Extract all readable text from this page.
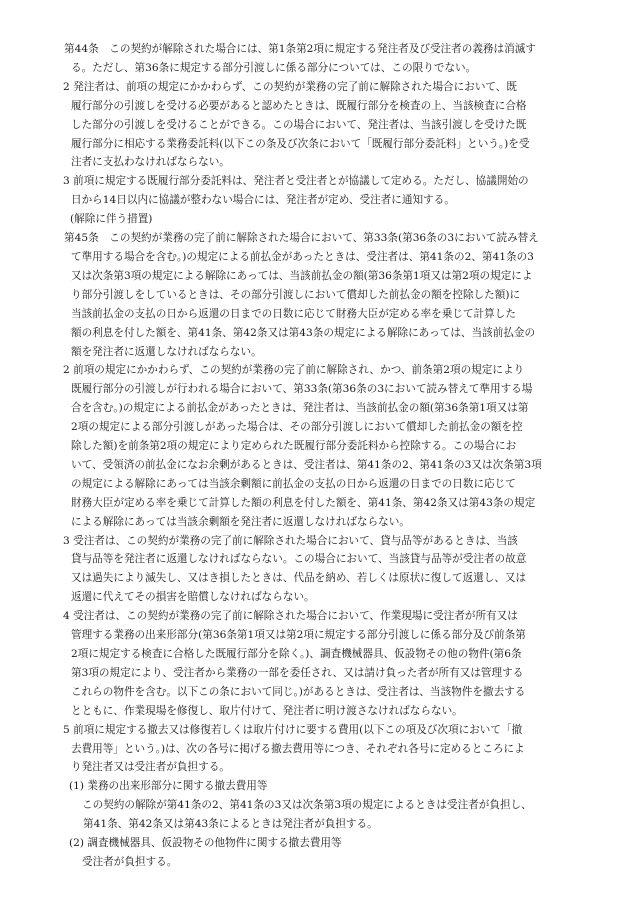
第44条　この契約が解除された場合には、第1条第2項に規定する発注者及び受注者の義務は消滅す
る。ただし、第36条に規定する部分引渡しに係る部分については、この限りでない。
2 発注者は、前項の規定にかかわらず、この契約が業務の完了前に解除された場合において、既
履行部分の引渡しを受ける必要があると認めたときは、既履行部分を検査の上、当該検査に合格
した部分の引渡しを受けることができる。この場合において、発注者は、当該引渡しを受けた既
履行部分に相応する業務委託料(以下この条及び次条において「既履行部分委託料」という。)を受
注者に支払わなければならない。
3 前項に規定する既履行部分委託料は、発注者と受注者とが協議して定める。ただし、協議開始の
日から14日以内に協議が整わない場合には、発注者が定め、受注者に通知する。
(解除に伴う措置)
第45条　この契約が業務の完了前に解除された場合において、第33条(第36条の3において読み替え
て準用する場合を含む。)の規定による前払金があったときは、受注者は、第41条の2、第41条の3
又は次条第3項の規定による解除にあっては、当該前払金の額(第36条第1項又は第2項の規定によ
り部分引渡しをしているときは、その部分引渡しにおいて償却した前払金の額を控除した額)に
当該前払金の支払の日から返還の日までの日数に応じて財務大臣が定める率を乗じて計算した
額の利息を付した額を、第41条、第42条又は第43条の規定による解除にあっては、当該前払金の
額を発注者に返還しなければならない。
2 前項の規定にかかわらず、この契約が業務の完了前に解除され、かつ、前条第2項の規定により
既履行部分の引渡しが行われる場合において、第33条(第36条の3において読み替えて準用する場
合を含む。)の規定による前払金があったときは、発注者は、当該前払金の額(第36条第1項又は第
2項の規定による部分引渡しがあった場合は、その部分引渡しにおいて償却した前払金の額を控
除した額)を前条第2項の規定により定められた既履行部分委託料から控除する。この場合にお
いて、受領済の前払金になお余剰があるときは、受注者は、第41条の2、第41条の3又は次条第3項
の規定による解除にあっては当該余剰額に前払金の支払の日から返還の日までの日数に応じて
財務大臣が定める率を乗じて計算した額の利息を付した額を、第41条、第42条又は第43条の規定
による解除にあっては当該余剰額を発注者に返還しなければならない。
3 受注者は、この契約が業務の完了前に解除された場合において、貸与品等があるときは、当該
貸与品等を発注者に返還しなければならない。この場合において、当該貸与品等が受注者の故意
又は過失により滅失し、又はき損したときは、代品を納め、若しくは原状に復して返還し、又は
返還に代えてその損害を賠償しなければならない。
4 受注者は、この契約が業務の完了前に解除された場合において、作業現場に受注者が所有又は
管理する業務の出来形部分(第36条第1項又は第2項に規定する部分引渡しに係る部分及び前条第
2項に規定する検査に合格した既履行部分を除く。)、調査機械器具、仮設物その他の物件(第6条
第3項の規定により、受注者から業務の一部を委任され、又は請け負った者が所有又は管理する
これらの物件を含む。以下この条において同じ。)があるときは、受注者は、当該物件を撤去する
とともに、作業現場を修復し、取片付けて、発注者に明け渡さなければならない。
5 前項に規定する撤去又は修復若しくは取片付けに要する費用(以下この項及び次項において「撤
去費用等」という。)は、次の各号に掲げる撤去費用等につき、それぞれ各号に定めるところによ
り発注者又は受注者が負担する。
(1) 業務の出来形部分に関する撤去費用等
この契約の解除が第41条の2、第41条の3又は次条第3項の規定によるときは受注者が負担し、
第41条、第42条又は第43条によるときは発注者が負担する。
(2) 調査機械器具、仮設物その他物件に関する撤去費用等
受注者が負担する。
